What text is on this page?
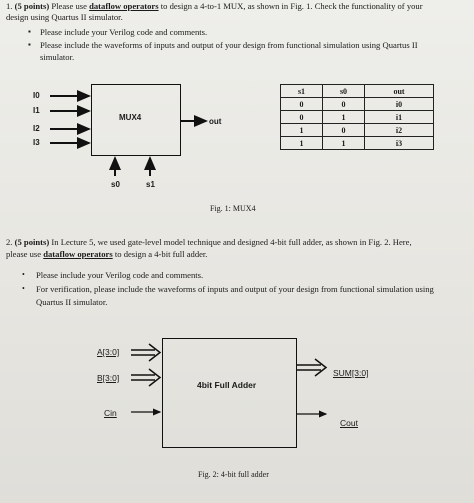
1. (5 points) Please use dataflow operators to design a 4-to-1 MUX, as shown in Fig. 1. Check the functionality of your
design using Quartus II simulator.
▪ Please include your Verilog code and comments.
▪ Please include the waveforms of inputs and output of your design from functional simulation using Quartus II
simulator.
MUX4
I0
I1
I2
I3
out
s0	s1
s1	s0	out
0	0	i0
0	1	i1
1	0	i2
1	1	i3
Fig. 1: MUX4
2. (5 points) In Lecture 5, we used gate-level model technique and designed 4-bit full adder, as shown in Fig. 2. Here,
please use dataflow operators to design a 4-bit full adder.
• Please include your Verilog code and comments.
• For verification, please include the waveforms of inputs and output of your design from functional simulation using
Quartus II simulator.
4bit Full Adder
A[3:0]
B[3:0]
Cin
SUM[3:0]
Cout
Fig. 2: 4-bit full adder
